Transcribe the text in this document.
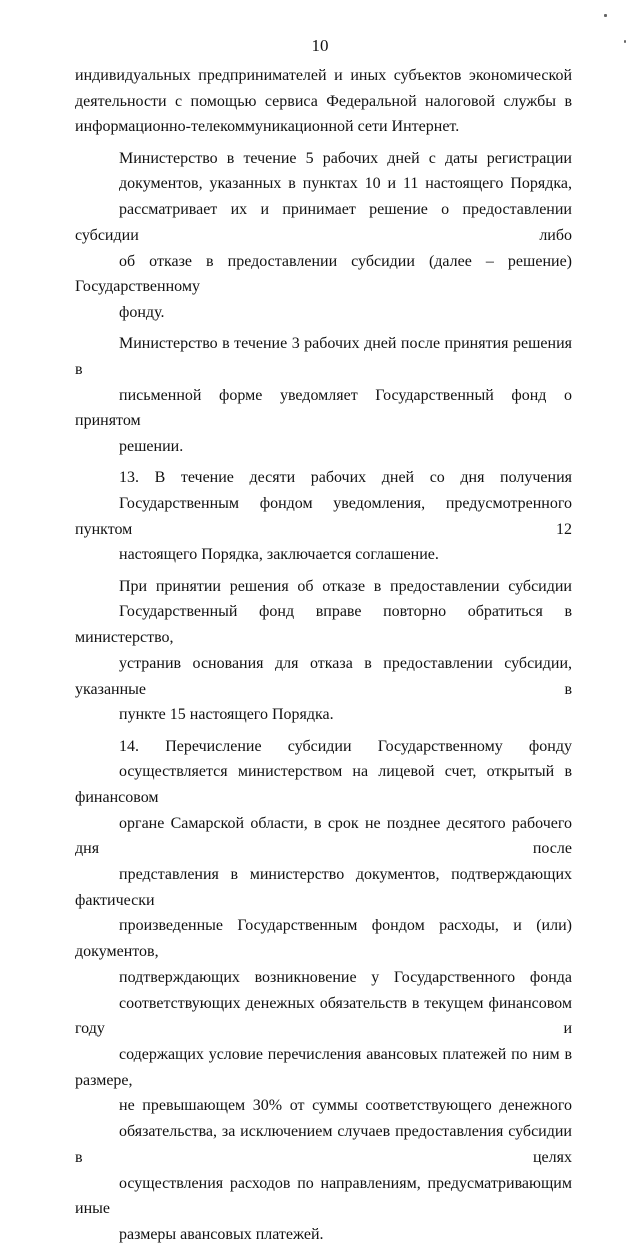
10

индивидуальных предпринимателей и иных субъектов экономической
деятельности с помощью сервиса Федеральной налоговой службы в
информационно-телекоммуникационной сети Интернет.

Министерство в течение 5 рабочих дней с даты регистрации
документов, указанных в пунктах 10 и 11 настоящего Порядка,
рассматривает их и принимает решение о предоставлении субсидии либо
об отказе в предоставлении субсидии (далее – решение) Государственному
фонду.

Министерство в течение 3 рабочих дней после принятия решения в
письменной форме уведомляет Государственный фонд о принятом
решении.

13. В течение десяти рабочих дней со дня получения
Государственным фондом уведомления, предусмотренного пунктом 12
настоящего Порядка, заключается соглашение.

При принятии решения об отказе в предоставлении субсидии
Государственный фонд вправе повторно обратиться в министерство,
устранив основания для отказа в предоставлении субсидии, указанные в
пункте 15 настоящего Порядка.

14. Перечисление субсидии Государственному фонду
осуществляется министерством на лицевой счет, открытый в финансовом
органе Самарской области, в срок не позднее десятого рабочего дня после
представления в министерство документов, подтверждающих фактически
произведенные Государственным фондом расходы, и (или) документов,
подтверждающих возникновение у Государственного фонда
соответствующих денежных обязательств в текущем финансовом году и
содержащих условие перечисления авансовых платежей по ним в размере,
не превышающем 30% от суммы соответствующего денежного
обязательства, за исключением случаев предоставления субсидии в целях
осуществления расходов по направлениям, предусматривающим иные
размеры авансовых платежей.
